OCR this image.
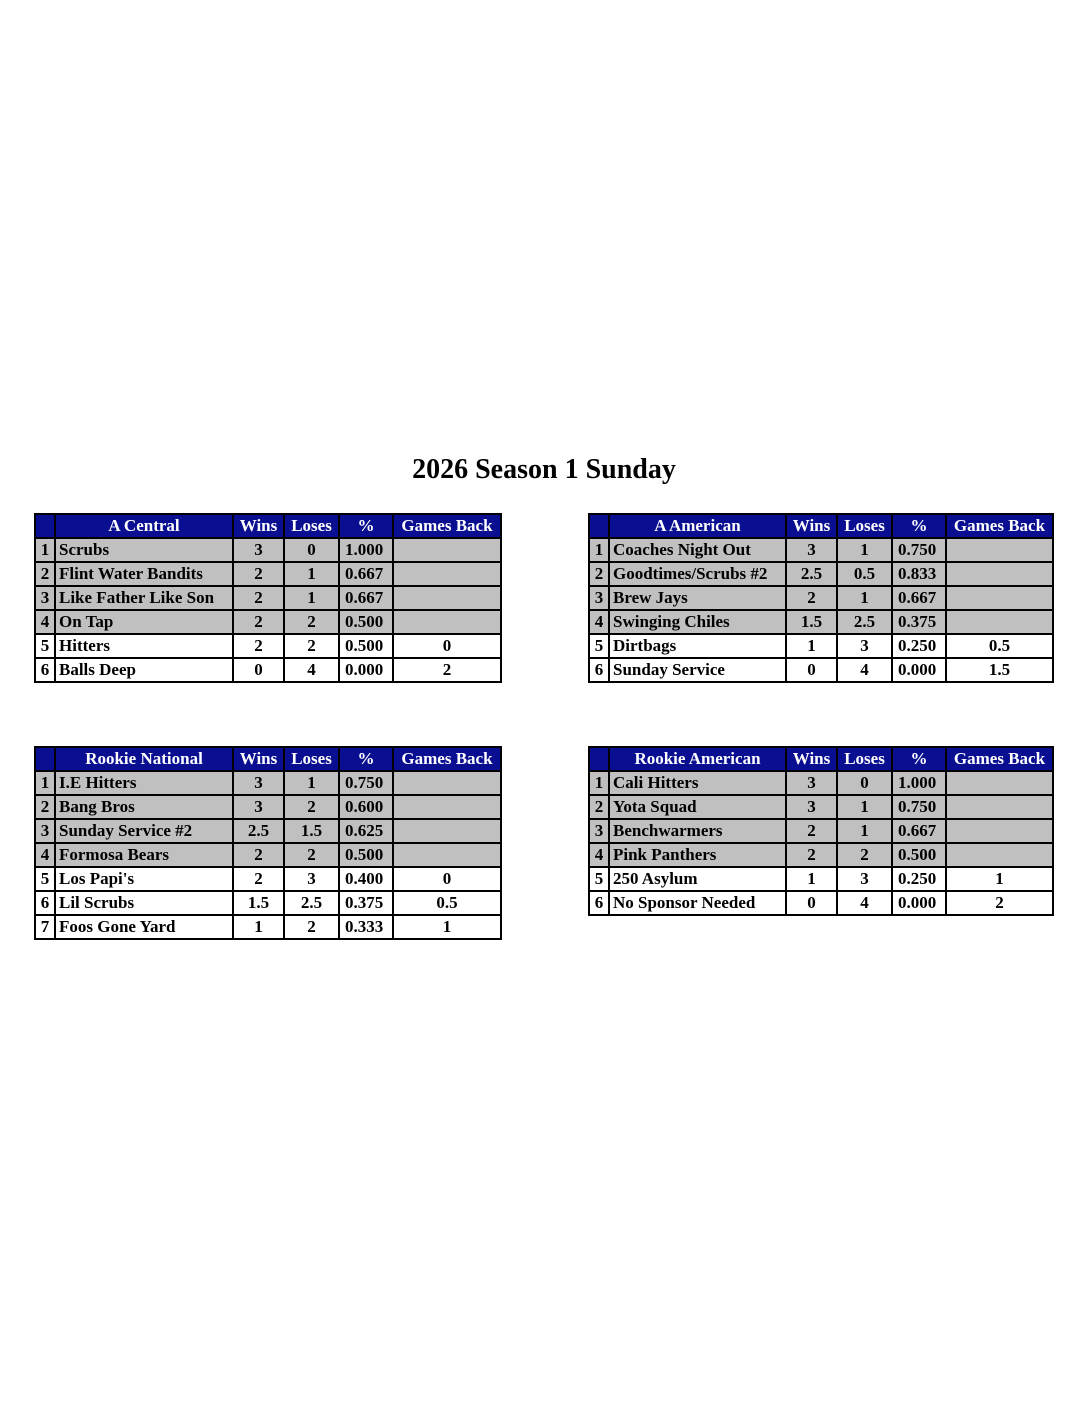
2026 Season 1 Sunday
	A Central	Wins	Loses	%	Games Back
1	Scrubs	3	0	1.000	
2	Flint Water Bandits	2	1	0.667	
3	Like Father Like Son	2	1	0.667	
4	On Tap	2	2	0.500	
5	Hitters	2	2	0.500	0
6	Balls Deep	0	4	0.000	2
	A American	Wins	Loses	%	Games Back
1	Coaches Night Out	3	1	0.750	
2	Goodtimes/Scrubs #2	2.5	0.5	0.833	
3	Brew Jays	2	1	0.667	
4	Swinging Chiles	1.5	2.5	0.375	
5	Dirtbags	1	3	0.250	0.5
6	Sunday Service	0	4	0.000	1.5
	Rookie National	Wins	Loses	%	Games Back
1	I.E Hitters	3	1	0.750	
2	Bang Bros	3	2	0.600	
3	Sunday Service #2	2.5	1.5	0.625	
4	Formosa Bears	2	2	0.500	
5	Los Papi's	2	3	0.400	0
6	Lil Scrubs	1.5	2.5	0.375	0.5
7	Foos Gone Yard	1	2	0.333	1
	Rookie American	Wins	Loses	%	Games Back
1	Cali Hitters	3	0	1.000	
2	Yota Squad	3	1	0.750	
3	Benchwarmers	2	1	0.667	
4	Pink Panthers	2	2	0.500	
5	250 Asylum	1	3	0.250	1
6	No Sponsor Needed	0	4	0.000	2
